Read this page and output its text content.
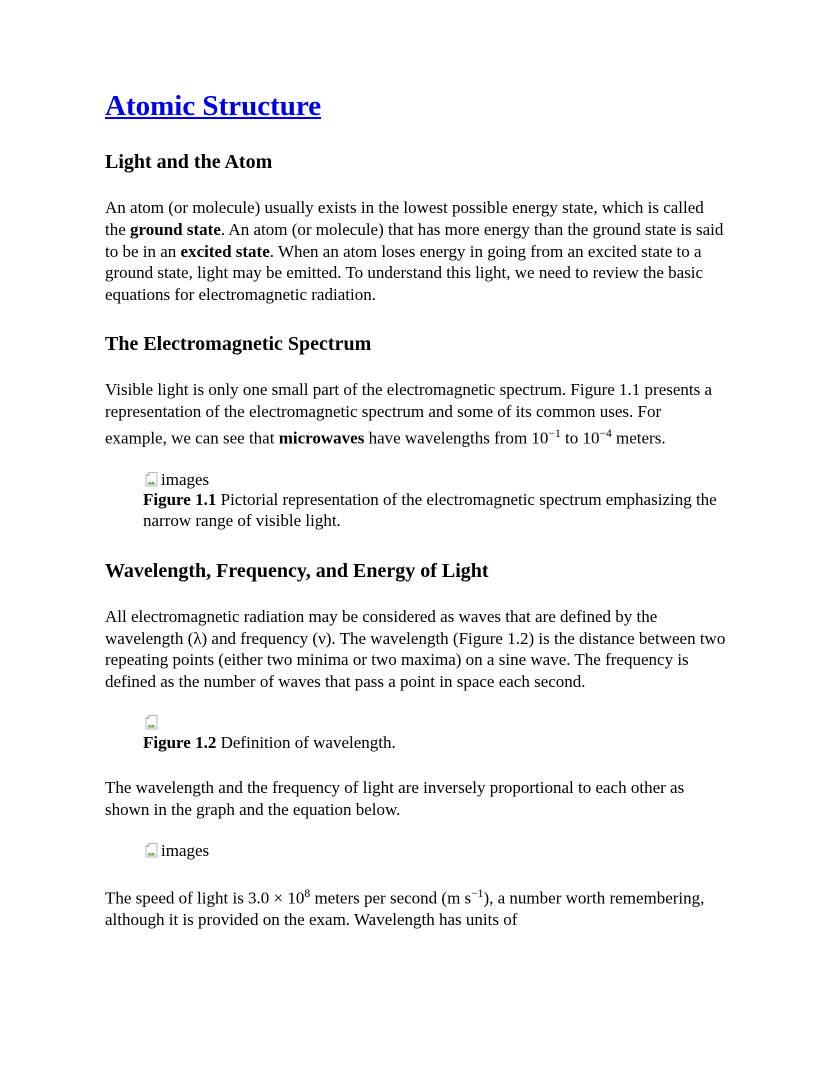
Atomic Structure
Light and the Atom

An atom (or molecule) usually exists in the lowest possible energy state, which is called the ground state. An atom (or molecule) that has more energy than the ground state is said to be in an excited state. When an atom loses energy in going from an excited state to a ground state, light may be emitted. To understand this light, we need to review the basic equations for electromagnetic radiation.

The Electromagnetic Spectrum

Visible light is only one small part of the electromagnetic spectrum. Figure 1.1 presents a representation of the electromagnetic spectrum and some of its common uses. For example, we can see that microwaves have wavelengths from $10^{-1}$ to $10^{-4}$ meters.

images

Figure 1.1 Pictorial representation of the electromagnetic spectrum emphasizing the narrow range of visible light.

Wavelength, Frequency, and Energy of Light

All electromagnetic radiation may be considered as waves that are defined by the wavelength (λ) and frequency (ν). The wavelength (Figure 1.2) is the distance between two repeating points (either two minima or two maxima) on a sine wave. The frequency is defined as the number of waves that pass a point in space each second.

Figure 1.2 Definition of wavelength.

The wavelength and the frequency of light are inversely proportional to each other as shown in the graph and the equation below.

images

The speed of light is $3.0 \times 10^8$ meters per second (m $s^{-1}$), a number worth remembering, although it is provided on the exam. Wavelength has units of
